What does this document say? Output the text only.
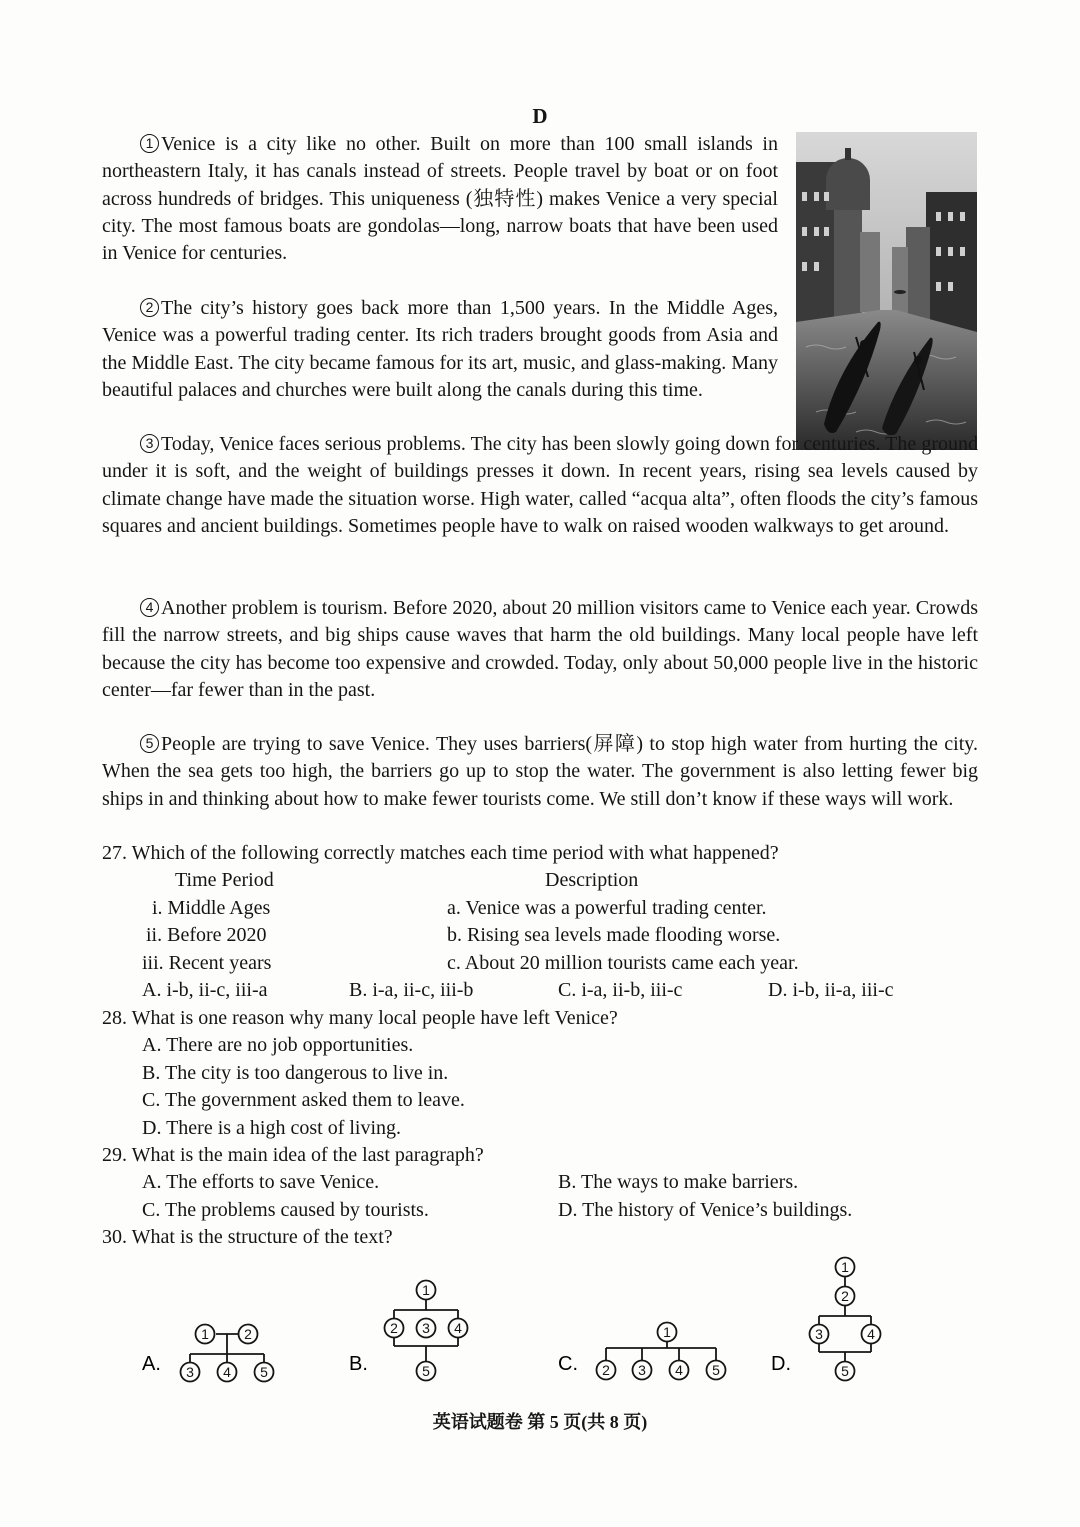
D

1 Venice is a city like no other. Built on more than 100 small islands in northeastern Italy, it has canals instead of streets. People travel by boat or on foot across hundreds of bridges. This uniqueness (独特性) makes Venice a very special city. The most famous boats are gondolas—long, narrow boats that have been used in Venice for centuries.

2 The city’s history goes back more than 1,500 years. In the Middle Ages, Venice was a powerful trading center. Its rich traders brought goods from Asia and the Middle East. The city became famous for its art, music, and glass-making. Many beautiful palaces and churches were built along the canals during this time.

3 Today, Venice faces serious problems. The city has been slowly going down for centuries. The ground under it is soft, and the weight of buildings presses it down. In recent years, rising sea levels caused by climate change have made the situation worse. High water, called “acqua alta”, often floods the city’s famous squares and ancient buildings. Sometimes people have to walk on raised wooden walkways to get around.

4 Another problem is tourism. Before 2020, about 20 million visitors came to Venice each year. Crowds fill the narrow streets, and big ships cause waves that harm the old buildings. Many local people have left because the city has become too expensive and crowded. Today, only about 50,000 people live in the historic center—far fewer than in the past.

5 People are trying to save Venice. They uses barriers(屏障) to stop high water from hurting the city. When the sea gets too high, the barriers go up to stop the water. The government is also letting fewer big ships in and thinking about how to make fewer tourists come. We still don’t know if these ways will work.

27. Which of the following correctly matches each time period with what happened?
Time Period	Description
i. Middle Ages	a. Venice was a powerful trading center.
ii. Before 2020	b. Rising sea levels made flooding worse.
iii. Recent years	c. About 20 million tourists came each year.
A. i-b, ii-c, iii-a	B. i-a, ii-c, iii-b	C. i-a, ii-b, iii-c	D. i-b, ii-a, iii-c
28. What is one reason why many local people have left Venice?
A. There are no job opportunities.
B. The city is too dangerous to live in.
C. The government asked them to leave.
D. There is a high cost of living.
29. What is the main idea of the last paragraph?
A. The efforts to save Venice.	B. The ways to make barriers.
C. The problems caused by tourists.	D. The history of Venice’s buildings.
30. What is the structure of the text?
A.	B.	C.	D.
1	2
3 4 5
1
2 3 4
5
1
2 3 4 5
1
2
3	4
5
英语试题卷 第 5 页(共 8 页)
